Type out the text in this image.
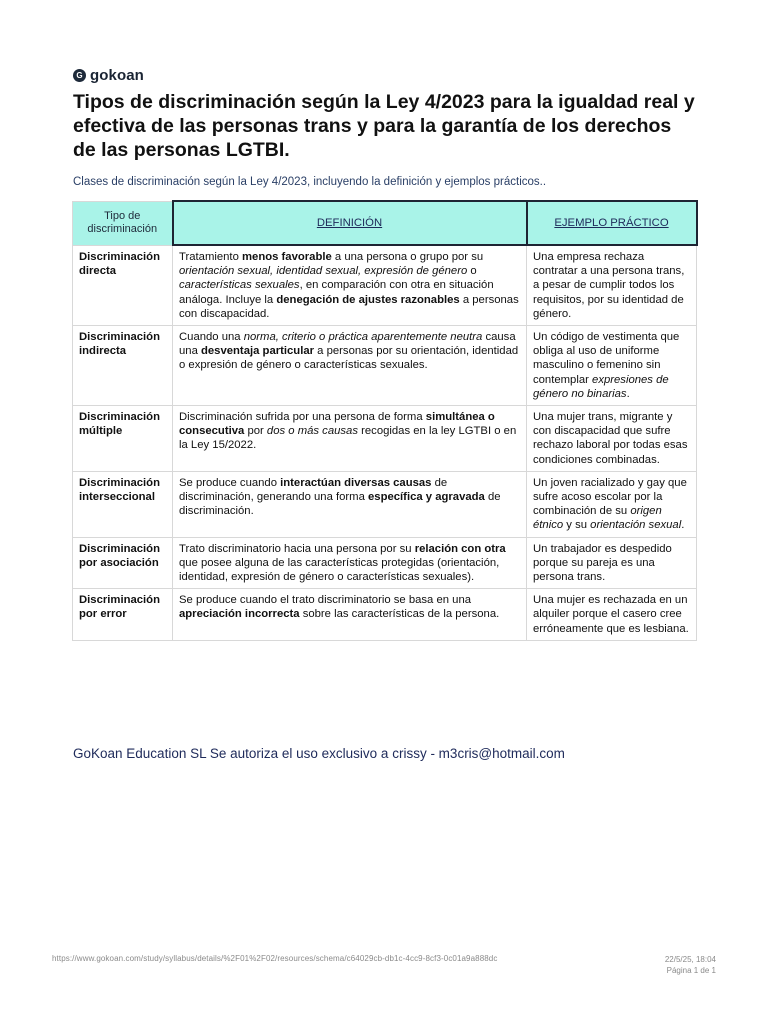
G gokoan
Tipos de discriminación según la Ley 4/2023 para la igualdad real y efectiva de las personas trans y para la garantía de los derechos de las personas LGTBI.

Clases de discriminación según la Ley 4/2023, incluyendo la definición y ejemplos prácticos..

Tipo de discriminación	DEFINICIÓN	EJEMPLO PRÁCTICO
Discriminación directa	Tratamiento menos favorable a una persona o grupo por su orientación sexual, identidad sexual, expresión de género o características sexuales, en comparación con otra en situación análoga. Incluye la denegación de ajustes razonables a personas con discapacidad.	Una empresa rechaza contratar a una persona trans, a pesar de cumplir todos los requisitos, por su identidad de género.
Discriminación indirecta	Cuando una norma, criterio o práctica aparentemente neutra causa una desventaja particular a personas por su orientación, identidad o expresión de género o características sexuales.	Un código de vestimenta que obliga al uso de uniforme masculino o femenino sin contemplar expresiones de género no binarias.
Discriminación múltiple	Discriminación sufrida por una persona de forma simultánea o consecutiva por dos o más causas recogidas en la ley LGTBI o en la Ley 15/2022.	Una mujer trans, migrante y con discapacidad que sufre rechazo laboral por todas esas condiciones combinadas.
Discriminación interseccional	Se produce cuando interactúan diversas causas de discriminación, generando una forma específica y agravada de discriminación.	Un joven racializado y gay que sufre acoso escolar por la combinación de su origen étnico y su orientación sexual.
Discriminación por asociación	Trato discriminatorio hacia una persona por su relación con otra que posee alguna de las características protegidas (orientación, identidad, expresión de género o características sexuales).	Un trabajador es despedido porque su pareja es una persona trans.
Discriminación por error	Se produce cuando el trato discriminatorio se basa en una apreciación incorrecta sobre las características de la persona.	Una mujer es rechazada en un alquiler porque el casero cree erróneamente que es lesbiana.
GoKoan Education SL Se autoriza el uso exclusivo a crissy - m3cris@hotmail.com
https://www.gokoan.com/study/syllabus/details/%2F01%2F02/resources/schema/c64029cb-db1c-4cc9-8cf3-0c01a9a888dc	22/5/25, 18:04
Página 1 de 1
